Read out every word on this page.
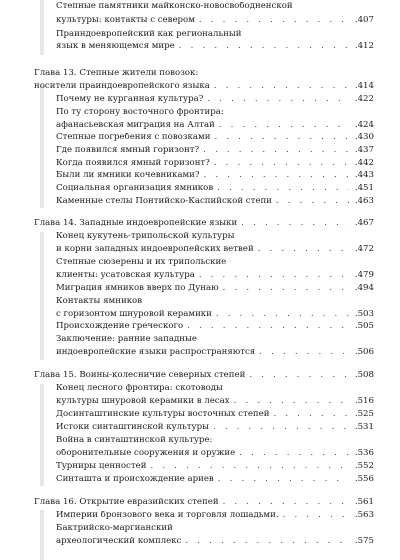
Степные памятники майконско-новосвободненской
культуры: контакты с севером . . .	.407
Праиндоевропейский как региональный
язык в меняющемся мире . . .	.412
Глава 13. Степные жители повозок:
носители праиндоевропейского языка . . .	.414
Почему не курганная культура? . . .	.422
По ту сторону восточного фронтира:
афанасьевская миграция на Алтай . . .	.424
Степные погребения с повозками . . .	.430
Где появился ямный горизонт? . . .	.437
Когда появился ямный горизонт? . . .	.442
Были ли ямники кочевниками? . . .	.443
Социальная организация ямников . . .	.451
Каменные стелы Понтийско-Каспийской степи . . .	.463
Глава 14. Западные индоевропейские языки . . .	.467
Конец кукутень-трипольской культуры
и корни западных индоевропейских ветвей . . .	.472
Степные сюзерены и их трипольские
клиенты: усатовская культура . . .	.479
Миграция ямников вверх по Дунаю . . .	.494
Контакты ямников
с горизонтом шнуровой керамики . . .	.503
Происхождение греческого . . .	.505
Заключение: ранние западные
индоевропейские языки распространяются . . .	.506
Глава 15. Воины-колесничие северных степей . . .	.508
Конец лесного фронтира: скотоводы
культуры шнуровой керамики в лесах . . .	.516
Досинташтинские культуры восточных степей . . .	.525
Истоки синташтинской культуры . . .	.531
Война в синташтинской культуре:
оборонительные сооружения и оружие . . .	.536
Турниры ценностей . . .	.552
Синташта и происхождение ариев . . .	.556
Глава 16. Открытие евразийских степей . . .	.561
Империи бронзового века и торговля лошадьми. . . .	.563
Бактрийско-маргианский
археологический комплекс . . .	.575
